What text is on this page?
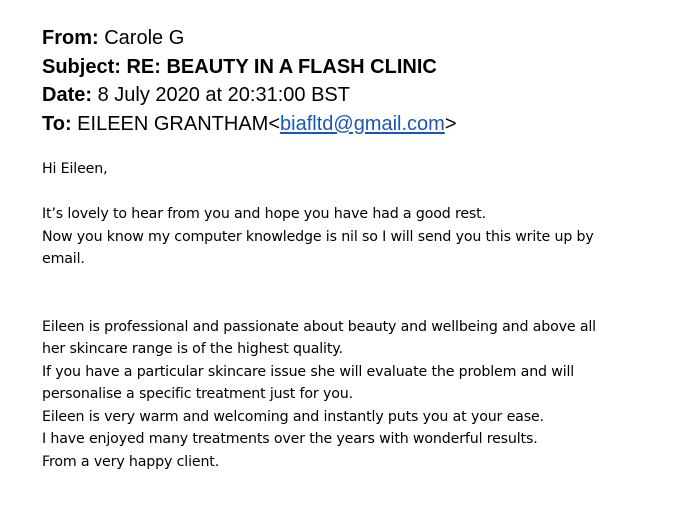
From: Carole G
Subject: RE: BEAUTY IN A FLASH CLINIC
Date: 8 July 2020 at 20:31:00 BST
To: EILEEN GRANTHAM<biafltd@gmail.com>

Hi Eileen,

It’s lovely to hear from you and hope you have had a good rest.

Now you know my computer knowledge is nil so I will send you this write up by

email.

Eileen is professional and passionate about beauty and wellbeing and above all

her skincare range is of the highest quality.

If you have a particular skincare issue she will evaluate the problem and will

personalise a specific treatment just for you.

Eileen is very warm and welcoming and instantly puts you at your ease.

I have enjoyed many treatments over the years with wonderful results.

From a very happy client.
